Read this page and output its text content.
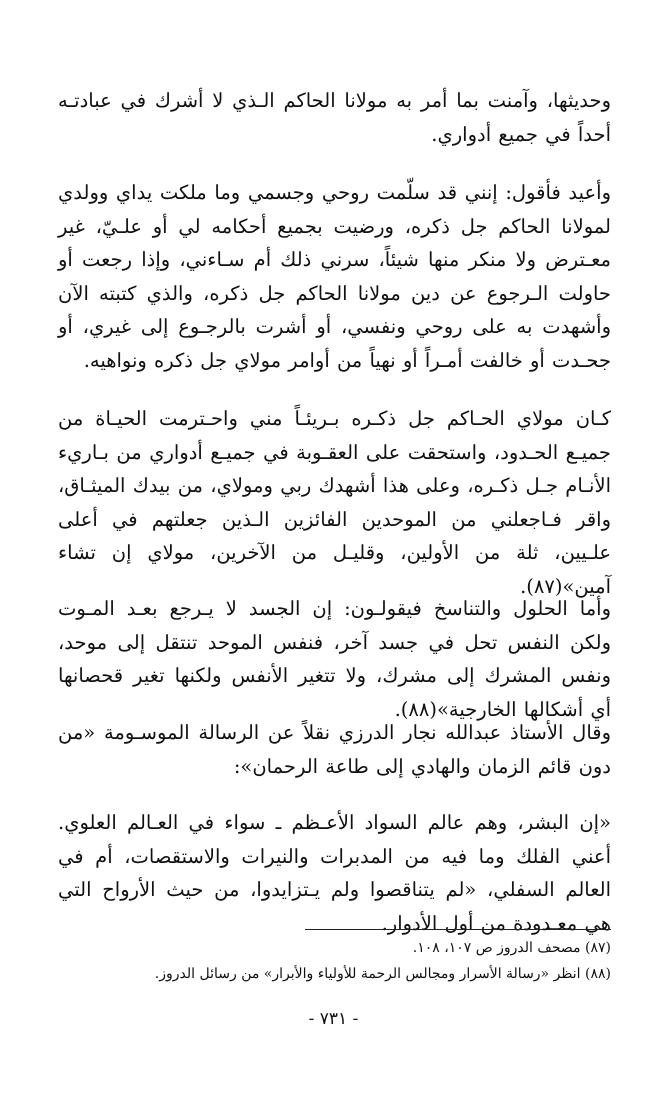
وحديثها، وآمنت بما أمر به مولانا الحاكم الـذي لا أشرك في عبادتـه أحداً في جميع أدواري.

وأعيد فأقول: إنني قد سلّمت روحي وجسمي وما ملكت يداي وولدي لمولانا الحاكم جل ذكره، ورضيت بجميع أحكامه لي أو علـيّ، غير معـترض ولا منكر منها شيئاً، سرني ذلك أم سـاءني، وإذا رجعت أو حاولت الـرجوع عن دين مولانا الحاكم جل ذكره، والذي كتبته الآن وأشهدت به على روحي ونفسي، أو أشرت بالرجـوع إلى غيري، أو جحـدت أو خالفت أمـراً أو نهياً من أوامر مولاي جل ذكره ونواهيه.

كـان مولاي الحـاكم جل ذكـره بـريئـاً مني واحـترمت الحيـاة من جميـع الحـدود، واستحقت على العقـوبة في جميـع أدواري من بـاريء الأنـام جـل ذكـره، وعلى هذا أشهدك ربي ومولاي، من بيدك الميثـاق، واقر فـاجعلني من الموحدين الفائزين الـذين جعلتهم في أعلى علـيين، ثلة من الأولين، وقليـل من الآخرين، مولاي إن تشاء آمين»(٨٧).

وأما الحلول والتناسخ فيقولـون: إن الجسد لا يـرجع بعـد المـوت ولكن النفس تحل في جسد آخر، فنفس الموحد تنتقل إلى موحد، ونفس المشرك إلى مشرك، ولا تتغير الأنفس ولكنها تغير قحصانها أي أشكالها الخارجية»(٨٨).

وقال الأستاذ عبدالله نجار الدرزي نقلاً عن الرسالة الموسـومة «من دون قائم الزمان والهادي إلى طاعة الرحمان»:

«إن البشر، وهم عالم السواد الأعـظم ـ سواء في العـالم العلوي. أعني الفلك وما فيه من المدبرات والنيرات والاستقصات، أم في العالم السفلي، «لم يتناقصوا ولم يـتزايدوا، من حيث الأرواح التي هي معـدودة من أول الأدوار.

(٨٧) مصحف الدروز ص ١٠٧، ١٠٨.
(٨٨) انظر «رسالة الأسرار ومجالس الرحمة للأولياء والأبرار» من رسائل الدروز.
- ٧٣١ -
